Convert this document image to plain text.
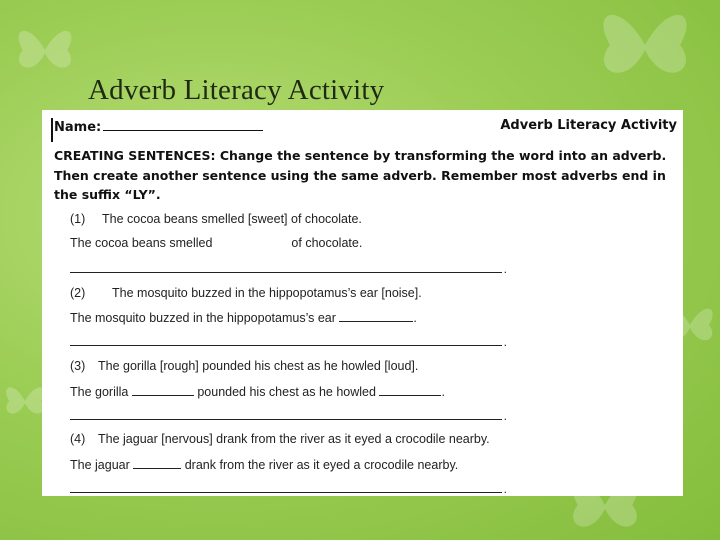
Adverb Literacy Activity
Name:	Adverb Literacy Activity
CREATING SENTENCES: Change the sentence by transforming the word into an adverb. Then create another sentence using the same adverb. Remember most adverbs end in the suffix “LY”.
(1) The cocoa beans smelled [sweet] of chocolate.
The cocoa beans smelled	of chocolate.
.
(2) The mosquito buzzed in the hippopotamus’s ear [noise].
The mosquito buzzed in the hippopotamus’s ear	.
.
(3) The gorilla [rough] pounded his chest as he howled [loud].
The gorilla	pounded his chest as he howled	.
.
(4) The jaguar [nervous] drank from the river as it eyed a crocodile nearby.
The jaguar	drank from the river as it eyed a crocodile nearby.
.
